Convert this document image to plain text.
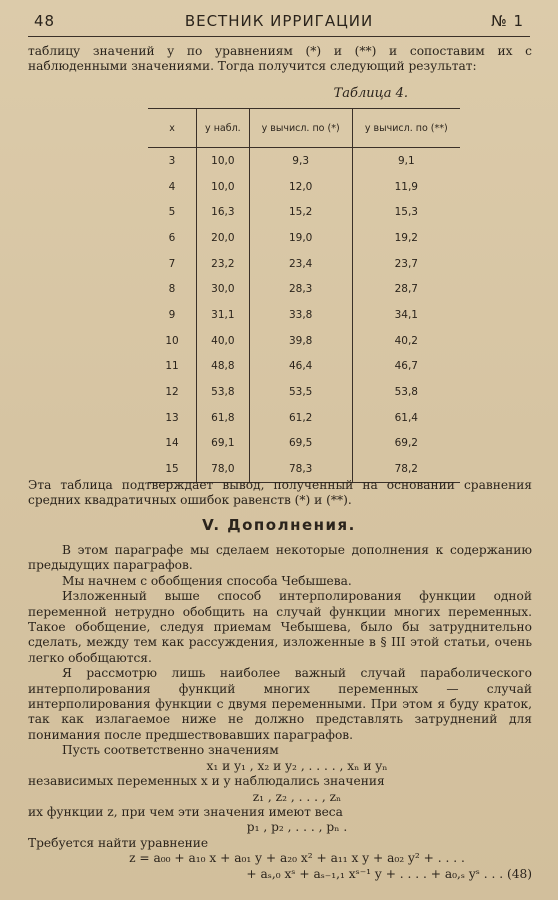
48	ВЕСТНИК ИРРИГАЦИИ	№ 1
таблицу значений y по уравнениям (*) и (**) и сопоставим их с наблюденными значениями. Тогда получится следующий результат:
Таблица 4.
x	y набл.	y вычисл. по (*)	y вычисл. по (**)
3	10,0	9,3	9,1
4	10,0	12,0	11,9
5	16,3	15,2	15,3
6	20,0	19,0	19,2
7	23,2	23,4	23,7
8	30,0	28,3	28,7
9	31,1	33,8	34,1
10	40,0	39,8	40,2
11	48,8	46,4	46,7
12	53,8	53,5	53,8
13	61,8	61,2	61,4
14	69,1	69,5	69,2
15	78,0	78,3	78,2
Эта таблица подтверждает вывод, полученный на основании сравнения средних квадратичных ошибок равенств (*) и (**).
V. Дополнения.

В этом параграфе мы сделаем некоторые дополнения к содержанию предыдущих параграфов.

Мы начнем с обобщения способа Чебышева.

Изложенный выше способ интерполирования функции одной переменной нетрудно обобщить на случай функции многих переменных. Такое обобщение, следуя приемам Чебышева, было бы затруднительно сделать, между тем как рассуждения, изложенные в § III этой статьи, очень легко обобщаются.

Я рассмотрю лишь наиболее важный случай параболического интерполирования функций многих переменных — случай интерполирования функции с двумя переменными. При этом я буду краток, так как излагаемое ниже не должно представлять затруднений для понимания после предшествовавших параграфов.

Пусть соответственно значениям

x₁ и y₁ , x₂ и y₂ , . . . . , xₙ и yₙ

независимых переменных x и y наблюдались значения

z₁ , z₂ , . . . , zₙ

их функции z, при чем эти значения имеют веса

p₁ , p₂ , . . . , pₙ .

Требуется найти уравнение

z = a₀₀ + a₁₀ x + a₀₁ y + a₂₀ x² + a₁₁ x y + a₀₂ y² + . . . .

+ aₛ,₀ xˢ + aₛ₋₁,₁ xˢ⁻¹ y + . . . . + a₀,ₛ yˢ . . . (48)
